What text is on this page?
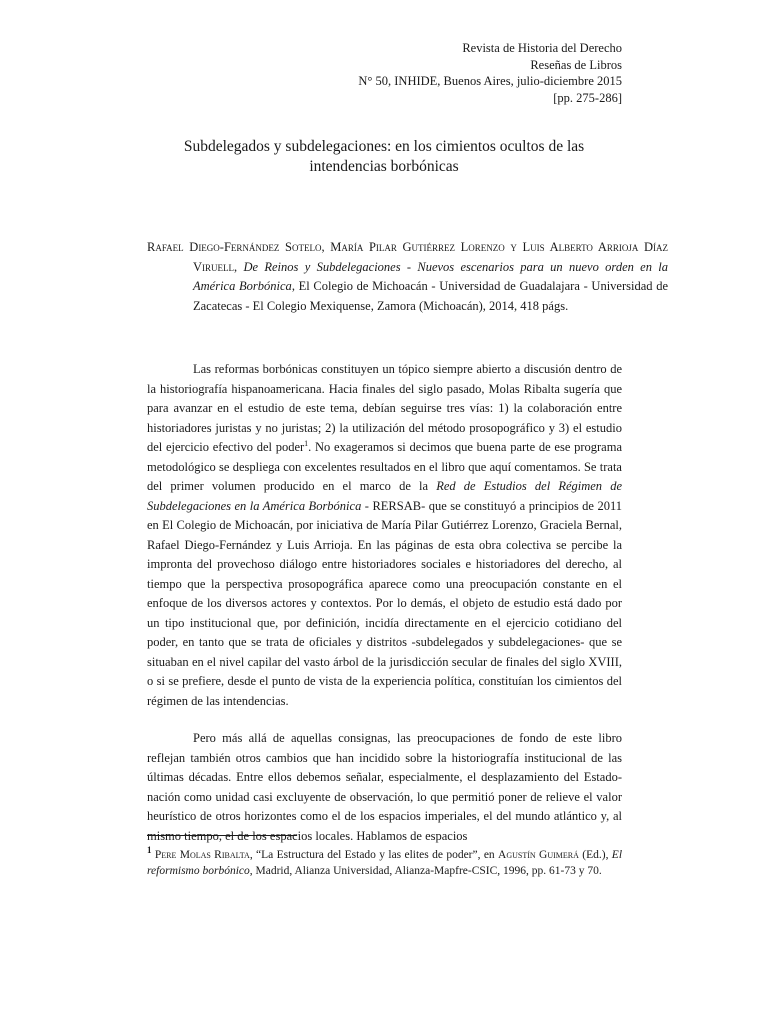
Revista de Historia del Derecho
Reseñas de Libros
N° 50, INHIDE, Buenos Aires, julio-diciembre 2015
[pp. 275-286]
Subdelegados y subdelegaciones: en los cimientos ocultos de las
intendencias borbónicas
Rafael Diego-Fernández Sotelo, María Pilar Gutiérrez Lorenzo y Luis Alberto Arrioja Díaz Viruell, De Reinos y Subdelegaciones - Nuevos escenarios para un nuevo orden en la América Borbónica, El Colegio de Michoacán - Universidad de Guadalajara - Universidad de Zacatecas - El Colegio Mexiquense, Zamora (Michoacán), 2014, 418 págs.

Las reformas borbónicas constituyen un tópico siempre abierto a discusión dentro de la historiografía hispanoamericana. Hacia finales del siglo pasado, Molas Ribalta sugería que para avanzar en el estudio de este tema, debían seguirse tres vías: 1) la colaboración entre historiadores juristas y no juristas; 2) la utilización del método prosopográfico y 3) el estudio del ejercicio efectivo del poder$^1$. No exageramos si decimos que buena parte de ese programa metodológico se despliega con excelentes resultados en el libro que aquí comentamos. Se trata del primer volumen producido en el marco de la Red de Estudios del Régimen de Subdelegaciones en la América Borbónica - RERSAB- que se constituyó a principios de 2011 en El Colegio de Michoacán, por iniciativa de María Pilar Gutiérrez Lorenzo, Graciela Bernal, Rafael Diego-Fernández y Luis Arrioja. En las páginas de esta obra colectiva se percibe la impronta del provechoso diálogo entre historiadores sociales e historiadores del derecho, al tiempo que la perspectiva prosopográfica aparece como una preocupación constante en el enfoque de los diversos actores y contextos. Por lo demás, el objeto de estudio está dado por un tipo institucional que, por definición, incidía directamente en el ejercicio cotidiano del poder, en tanto que se trata de oficiales y distritos -subdelegados y subdelegaciones- que se situaban en el nivel capilar del vasto árbol de la jurisdicción secular de finales del siglo XVIII, o si se prefiere, desde el punto de vista de la experiencia política, constituían los cimientos del régimen de las intendencias.

Pero más allá de aquellas consignas, las preocupaciones de fondo de este libro reflejan también otros cambios que han incidido sobre la historiografía institucional de las últimas décadas. Entre ellos debemos señalar, especialmente, el desplazamiento del Estado-nación como unidad casi excluyente de observación, lo que permitió poner de relieve el valor heurístico de otros horizontes como el de los espacios imperiales, el del mundo atlántico y, al mismo tiempo, el de los espacios locales. Hablamos de espacios

$^1$ Pere Molas Ribalta, “La Estructura del Estado y las elites de poder”, en Agustín Guimerá (Ed.), El reformismo borbónico, Madrid, Alianza Universidad, Alianza-Mapfre-CSIC, 1996, pp. 61-73 y 70.
